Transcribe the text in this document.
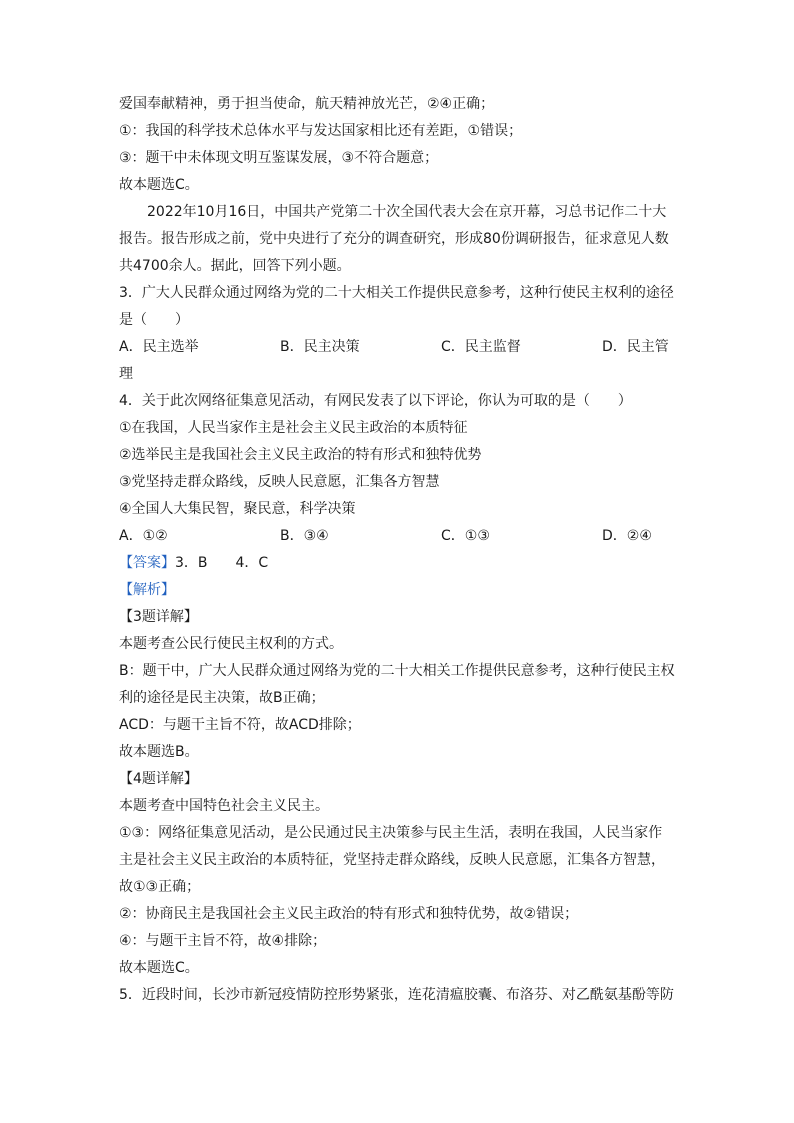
爱国奉献精神，勇于担当使命，航天精神放光芒，②④正确；
①：我国的科学技术总体水平与发达国家相比还有差距，①错误；
③：题干中未体现文明互鉴谋发展，③不符合题意；
故本题选C。
2022年10月16日，中国共产党第二十次全国代表大会在京开幕，习总书记作二十大
报告。报告形成之前，党中央进行了充分的调查研究，形成80份调研报告，征求意见人数
共4700余人。据此，回答下列小题。
3．广大人民群众通过网络为党的二十大相关工作提供民意参考，这种行使民主权利的途径
是（　　）
A．民主选举	B．民主决策	C．民主监督	D．民主管
理
4．关于此次网络征集意见活动，有网民发表了以下评论，你认为可取的是（　　）
①在我国，人民当家作主是社会主义民主政治的本质特征
②选举民主是我国社会主义民主政治的特有形式和独特优势
③党坚持走群众路线，反映人民意愿，汇集各方智慧
④全国人大集民智，聚民意，科学决策
A．①②	B．③④	C．①③	D．②④
【答案】3．B　　4．C
【解析】
【3题详解】
本题考查公民行使民主权利的方式。
B：题干中，广大人民群众通过网络为党的二十大相关工作提供民意参考，这种行使民主权
利的途径是民主决策，故B正确；
ACD：与题干主旨不符，故ACD排除；
故本题选B。
【4题详解】
本题考查中国特色社会主义民主。
①③：网络征集意见活动，是公民通过民主决策参与民主生活，表明在我国，人民当家作
主是社会主义民主政治的本质特征，党坚持走群众路线，反映人民意愿，汇集各方智慧，
故①③正确；
②：协商民主是我国社会主义民主政治的特有形式和独特优势，故②错误；
④：与题干主旨不符，故④排除；
故本题选C。
5．近段时间，长沙市新冠疫情防控形势紧张，连花清瘟胶囊、布洛芬、对乙酰氨基酚等防
